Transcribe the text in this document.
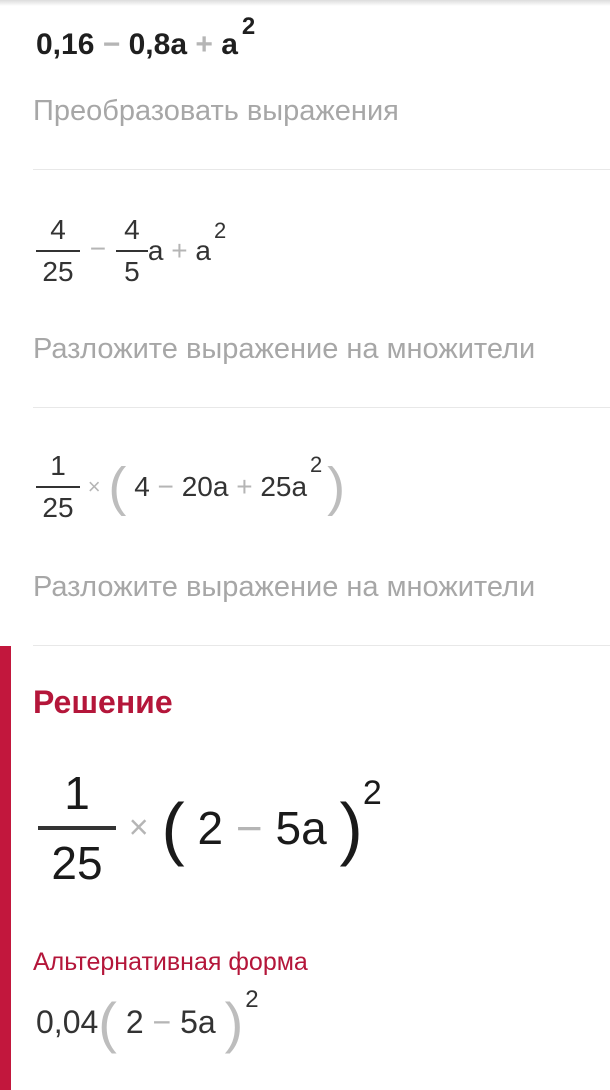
$0,16 - 0,8a + a^2$
Преобразовать выражения
$\frac{4}{25} - \frac{4}{5}$ $a + a^2$
Разложите выражение на множители
$\frac{1}{25}$ × ( $4 - 20a + 25a^2$ )
Разложите выражение на множители
Решение
$\frac{1}{25}$ × ( 2 − 5a )$^2$
Альтернативная форма
0,04( 2 − 5a )$^2$
